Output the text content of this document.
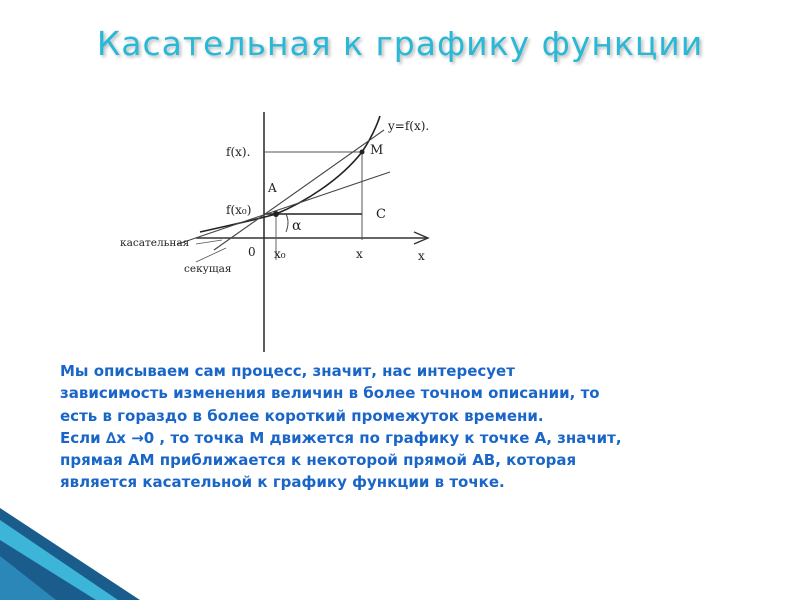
Касательная к графику функции
f(x).
f(x₀)
y=f(x).
M
A
C
α
касательная
секущая
0 x₀	x	x

Мы описываем сам процесс, значит, нас интересует

зависимость изменения величин в более точном описании, то

есть в гораздо в более короткий промежуток времени.

Если ∆х →0 , то точка М движется по графику к точке А, значит,

прямая АМ приближается к некоторой прямой АВ, которая

является касательной к графику функции в точке.
